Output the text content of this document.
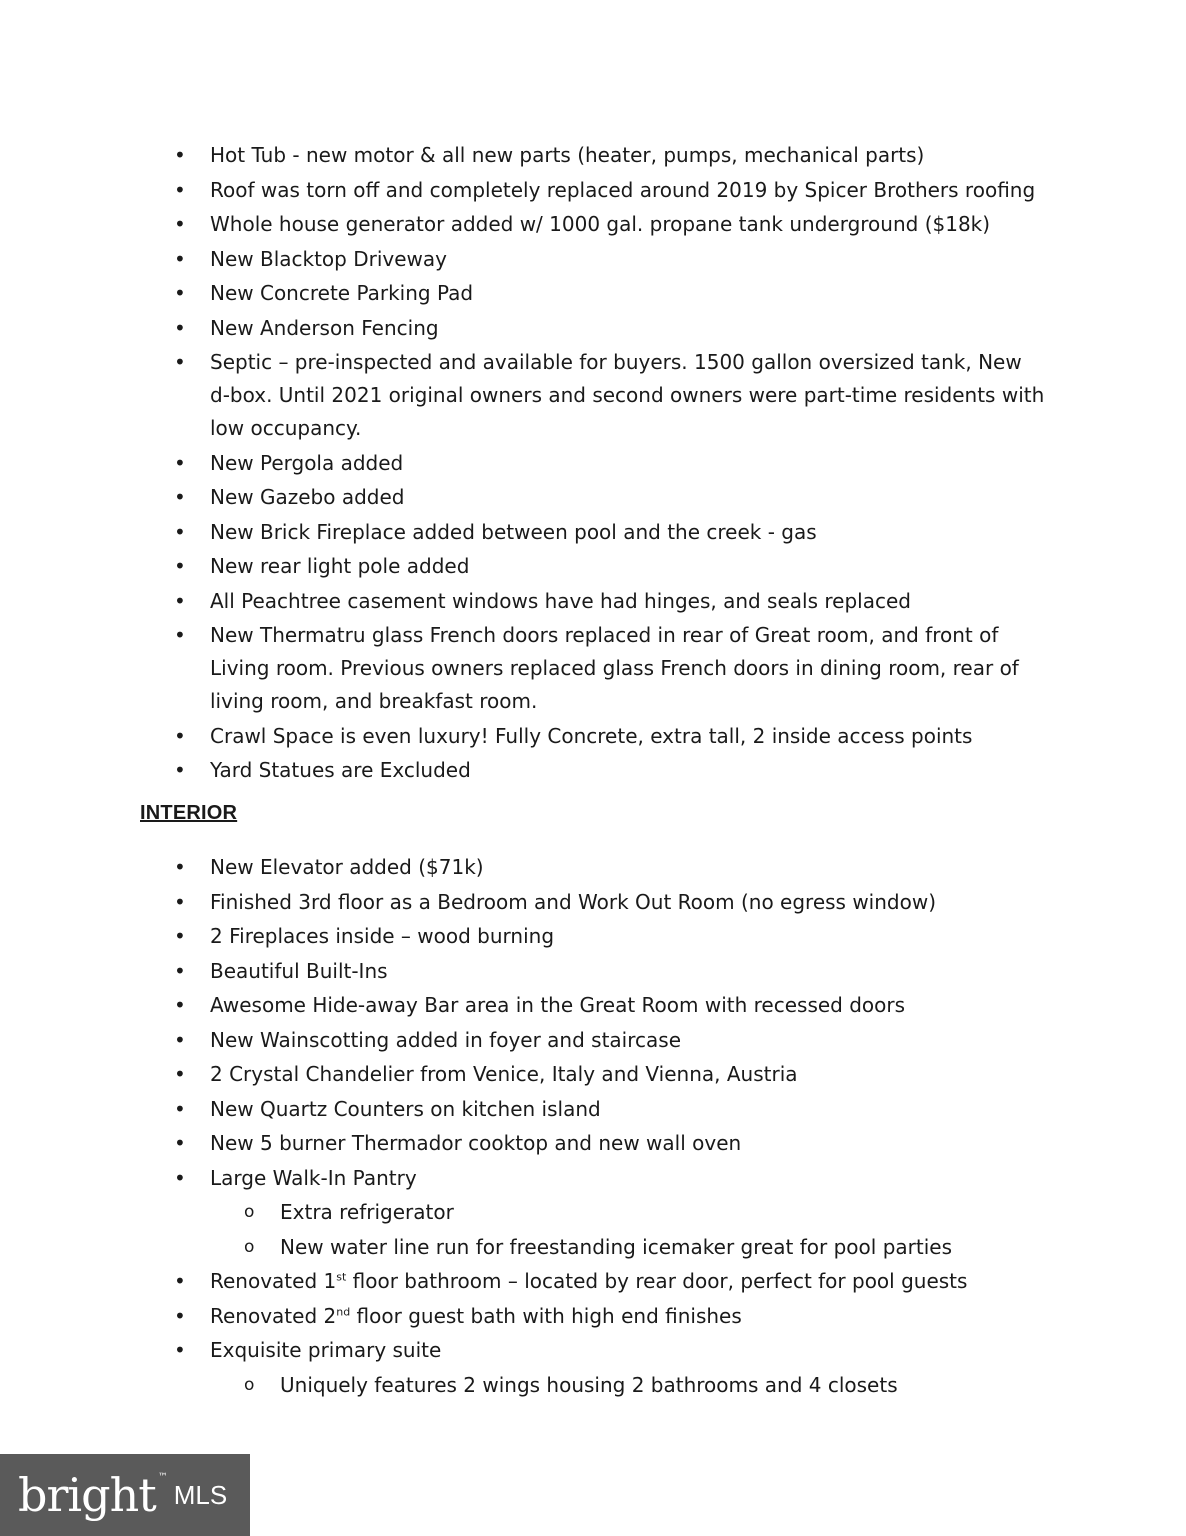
•
Hot Tub - new motor & all new parts (heater, pumps, mechanical parts)
•
Roof was torn off and completely replaced around 2019 by Spicer Brothers roofing
•
Whole house generator added w/ 1000 gal. propane tank underground ($18k)
•
New Blacktop Driveway
•
New Concrete Parking Pad
•
New Anderson Fencing
•
Septic – pre-inspected and available for buyers. 1500 gallon oversized tank, New d-box. Until 2021 original owners and second owners were part-time residents with low occupancy.
•
New Pergola added
•
New Gazebo added
•
New Brick Fireplace added between pool and the creek - gas
•
New rear light pole added
•
All Peachtree casement windows have had hinges, and seals replaced
•
New Thermatru glass French doors replaced in rear of Great room, and front of Living room. Previous owners replaced glass French doors in dining room, rear of living room, and breakfast room.
•
Crawl Space is even luxury! Fully Concrete, extra tall, 2 inside access points
•
Yard Statues are Excluded
INTERIOR
•
New Elevator added ($71k)
•
Finished 3rd floor as a Bedroom and Work Out Room (no egress window)
•
2 Fireplaces inside – wood burning
•
Beautiful Built-Ins
•
Awesome Hide-away Bar area in the Great Room with recessed doors
•
New Wainscotting added in foyer and staircase
•
2 Crystal Chandelier from Venice, Italy and Vienna, Austria
•
New Quartz Counters on kitchen island
•
New 5 burner Thermador cooktop and new wall oven
•
Large Walk-In Pantry
o
Extra refrigerator
o
New water line run for freestanding icemaker great for pool parties
•
Renovated 1st floor bathroom – located by rear door, perfect for pool guests
•
Renovated 2nd floor guest bath with high end finishes
•
Exquisite primary suite
o
Uniquely features 2 wings housing 2 bathrooms and 4 closets
bright ™
MLS
